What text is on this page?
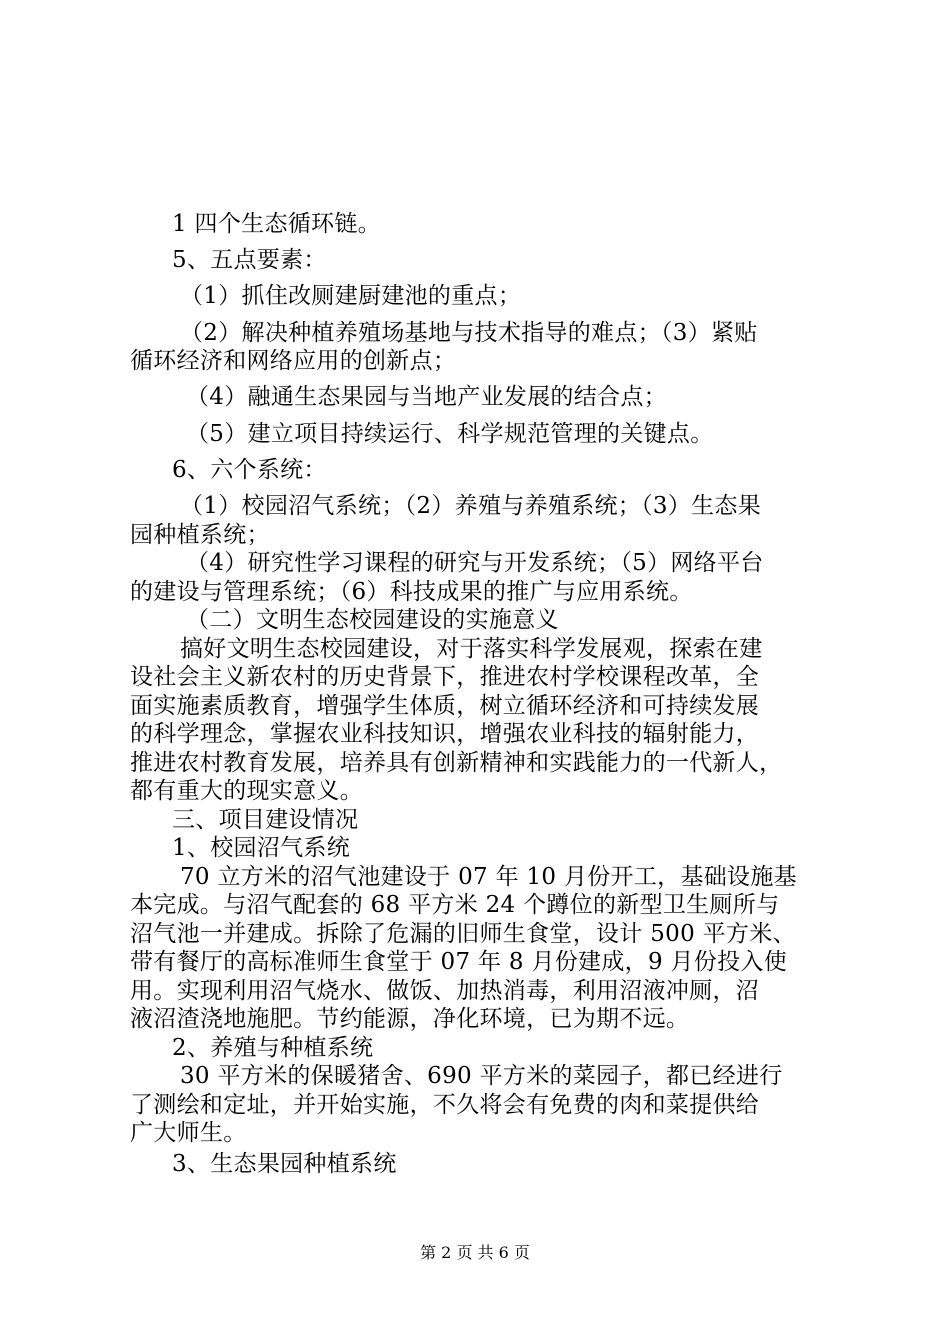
1 四个生态循环链。
5、五点要素：
（1）抓住改厕建厨建池的重点；
（2）解决种植养殖场基地与技术指导的难点；（3）紧贴
循环经济和网络应用的创新点；
（4）融通生态果园与当地产业发展的结合点；
（5）建立项目持续运行、科学规范管理的关键点。
6、六个系统：
（1）校园沼气系统；（2）养殖与养殖系统；（3）生态果
园种植系统；
（4）研究性学习课程的研究与开发系统；（5）网络平台
的建设与管理系统；（6）科技成果的推广与应用系统。
（二）文明生态校园建设的实施意义
搞好文明生态校园建设，对于落实科学发展观，探索在建
设社会主义新农村的历史背景下，推进农村学校课程改革，全
面实施素质教育，增强学生体质，树立循环经济和可持续发展
的科学理念，掌握农业科技知识，增强农业科技的辐射能力，
推进农村教育发展，培养具有创新精神和实践能力的一代新人，
都有重大的现实意义。
三、项目建设情况
1、校园沼气系统
70 立方米的沼气池建设于 07 年 10 月份开工，基础设施基
本完成。与沼气配套的 68 平方米 24 个蹲位的新型卫生厕所与
沼气池一并建成。拆除了危漏的旧师生食堂，设计 500 平方米、
带有餐厅的高标准师生食堂于 07 年 8 月份建成，9 月份投入使
用。实现利用沼气烧水、做饭、加热消毒，利用沼液冲厕，沼
液沼渣浇地施肥。节约能源，净化环境，已为期不远。
2、养殖与种植系统
30 平方米的保暖猪舍、690 平方米的菜园子，都已经进行
了测绘和定址，并开始实施，不久将会有免费的肉和菜提供给
广大师生。
3、生态果园种植系统
第 2 页 共 6 页
